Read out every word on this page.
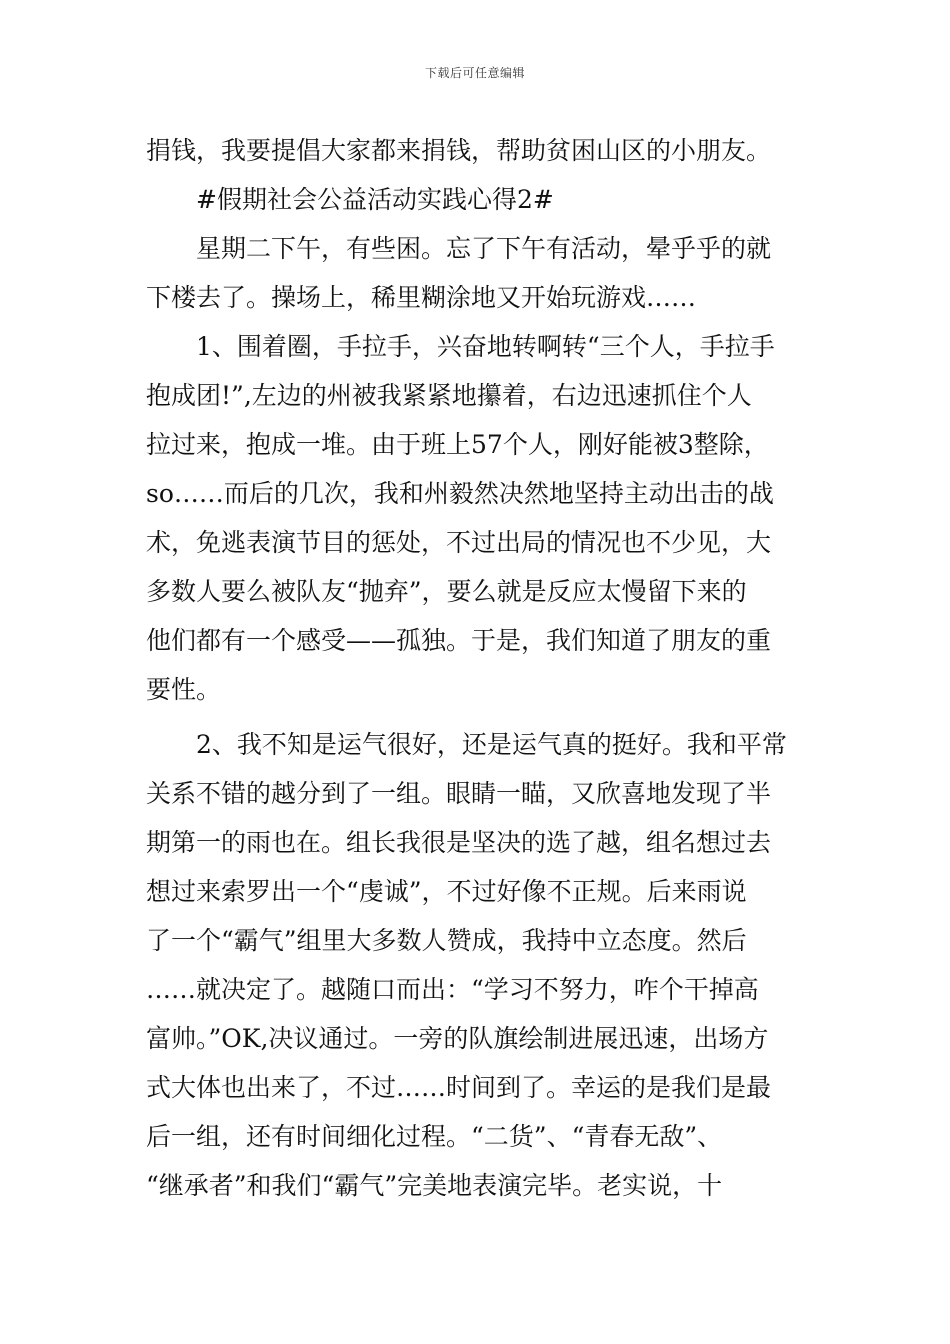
下载后可任意编辑
捐钱，我要提倡大家都来捐钱，帮助贫困山区的小朋友。
#假期社会公益活动实践心得2#
星期二下午，有些困。忘了下午有活动，晕乎乎的就
下楼去了。操场上，稀里糊涂地又开始玩游戏……
1、围着圈，手拉手，兴奋地转啊转“三个人，手拉手
抱成团!”,左边的州被我紧紧地攥着，右边迅速抓住个人
拉过来，抱成一堆。由于班上57个人，刚好能被3整除，
so……而后的几次，我和州毅然决然地坚持主动出击的战
术，免逃表演节目的惩处，不过出局的情况也不少见，大
多数人要么被队友“抛弃”，要么就是反应太慢留下来的
他们都有一个感受——孤独。于是，我们知道了朋友的重
要性。
2、我不知是运气很好，还是运气真的挺好。我和平常
关系不错的越分到了一组。眼睛一瞄，又欣喜地发现了半
期第一的雨也在。组长我很是坚决的选了越，组名想过去
想过来索罗出一个“虔诚”，不过好像不正规。后来雨说
了一个“霸气”组里大多数人赞成，我持中立态度。然后
……就决定了。越随口而出：“学习不努力，咋个干掉高
富帅。”OK,决议通过。一旁的队旗绘制进展迅速，出场方
式大体也出来了，不过……时间到了。幸运的是我们是最
后一组，还有时间细化过程。“二货”、“青春无敌”、
“继承者”和我们“霸气”完美地表演完毕。老实说，十
